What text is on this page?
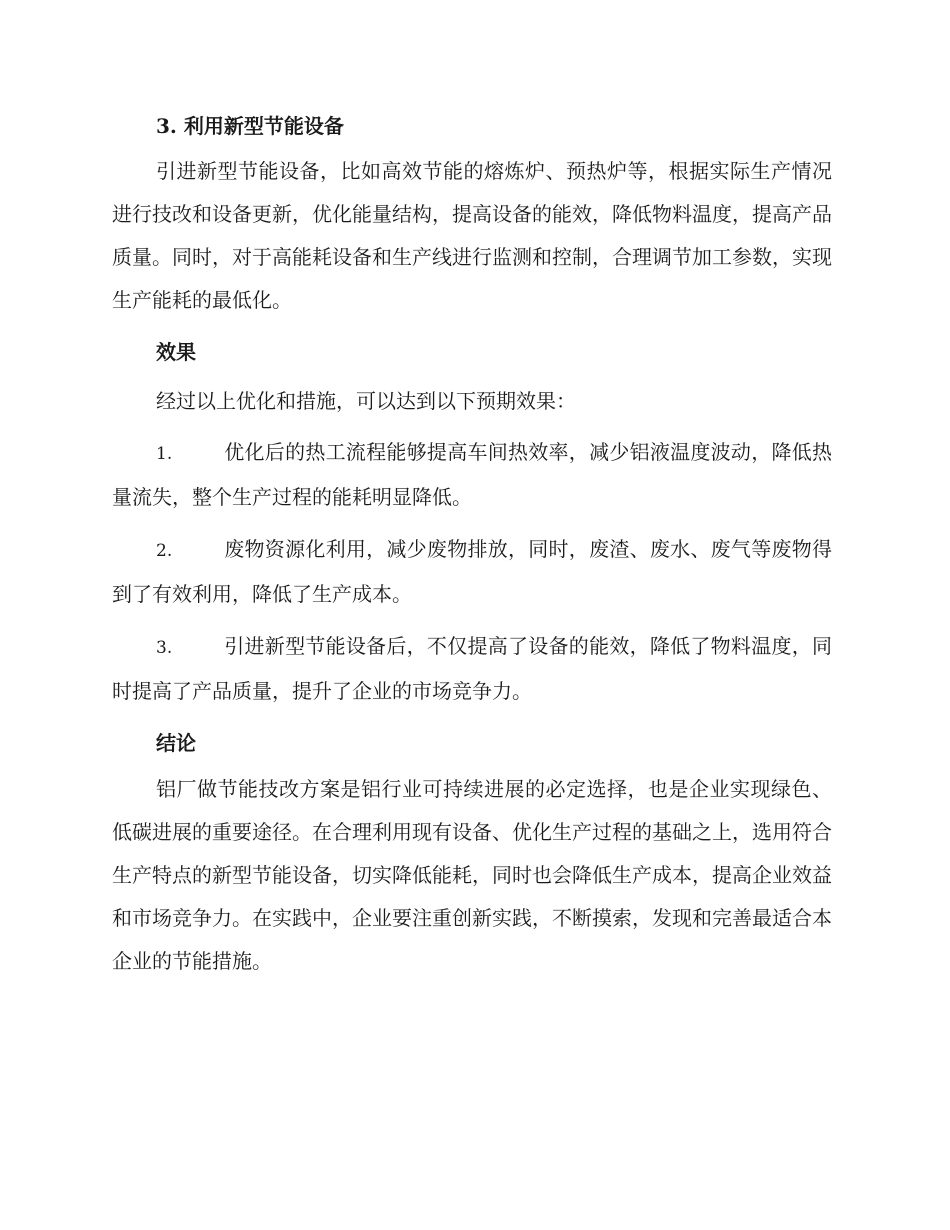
3. 利用新型节能设备

引进新型节能设备，比如高效节能的熔炼炉、预热炉等，根据实际生产情况进行技改和设备更新，优化能量结构，提高设备的能效，降低物料温度，提高产品质量。同时，对于高能耗设备和生产线进行监测和控制，合理调节加工参数，实现生产能耗的最低化。

效果

经过以上优化和措施，可以达到以下预期效果：

1.	优化后的热工流程能够提高车间热效率，减少铝液温度波动，降低热量流失，整个生产过程的能耗明显降低。

2.	废物资源化利用，减少废物排放，同时，废渣、废水、废气等废物得到了有效利用，降低了生产成本。

3.	引进新型节能设备后，不仅提高了设备的能效，降低了物料温度，同时提高了产品质量，提升了企业的市场竞争力。

结论

铝厂做节能技改方案是铝行业可持续进展的必定选择，也是企业实现绿色、低碳进展的重要途径。在合理利用现有设备、优化生产过程的基础之上，选用符合生产特点的新型节能设备，切实降低能耗，同时也会降低生产成本，提高企业效益和市场竞争力。在实践中，企业要注重创新实践，不断摸索，发现和完善最适合本企业的节能措施。
